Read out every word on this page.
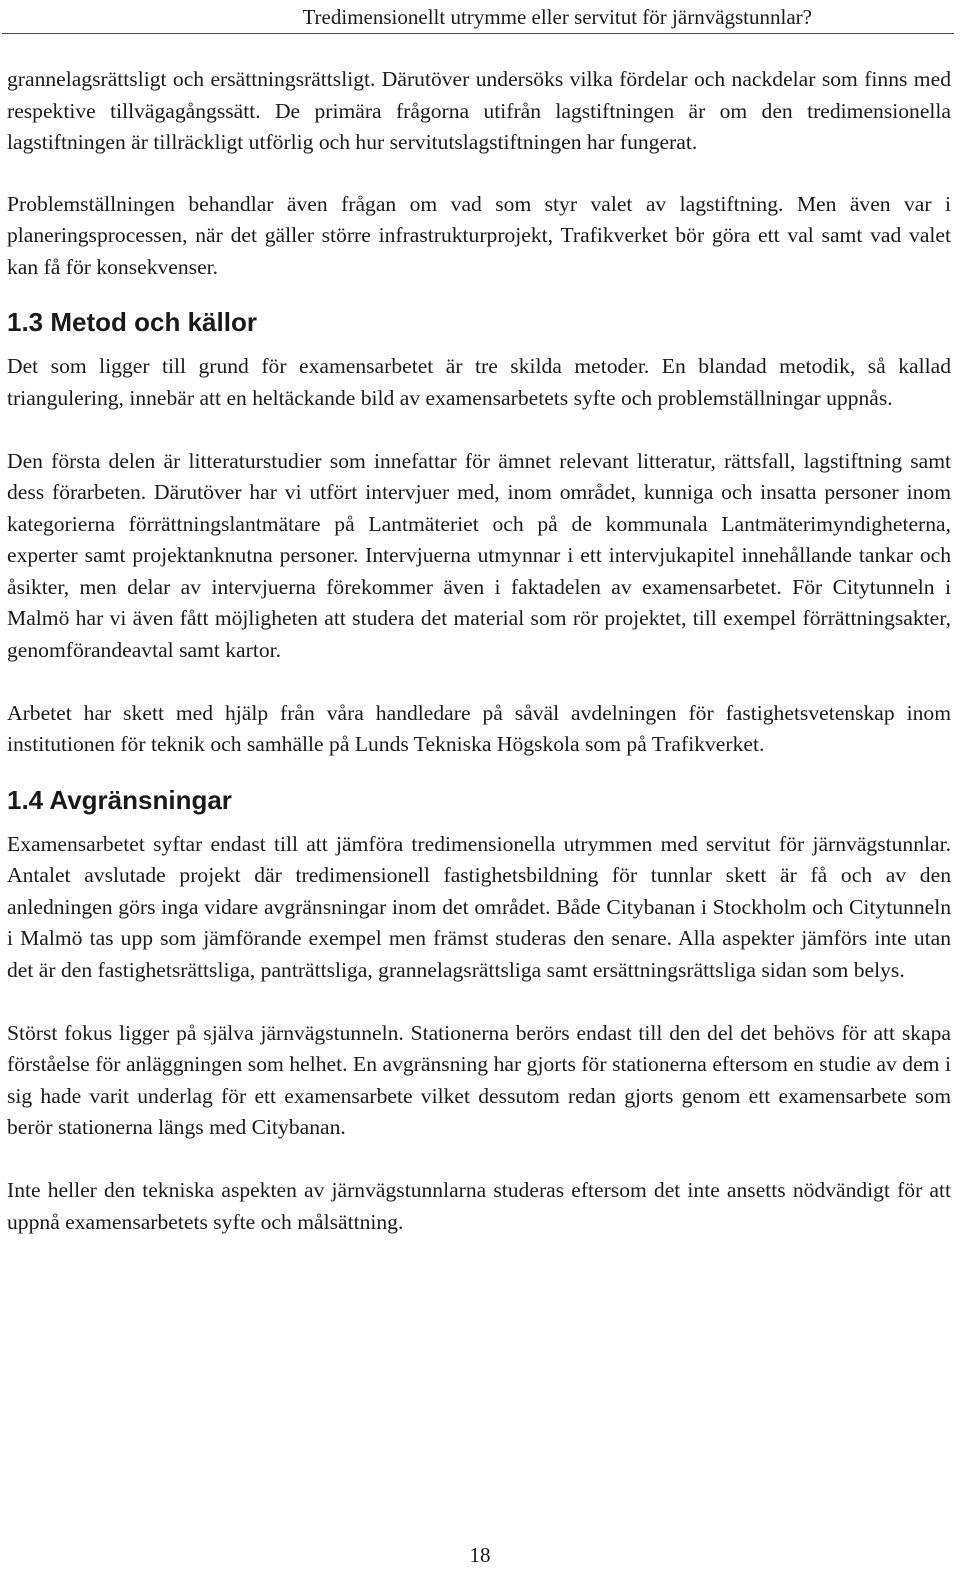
Tredimensionellt utrymme eller servitut för järnvägstunnlar?

grannelagsrättsligt och ersättningsrättsligt. Därutöver undersöks vilka fördelar och nackdelar som finns med respektive tillvägagångssätt. De primära frågorna utifrån lagstiftningen är om den tredimensionella lagstiftningen är tillräckligt utförlig och hur servitutslagstiftningen har fungerat.

Problemställningen behandlar även frågan om vad som styr valet av lagstiftning. Men även var i planeringsprocessen, när det gäller större infrastrukturprojekt, Trafikverket bör göra ett val samt vad valet kan få för konsekvenser.

1.3 Metod och källor

Det som ligger till grund för examensarbetet är tre skilda metoder. En blandad metodik, så kallad triangulering, innebär att en heltäckande bild av examensarbetets syfte och problemställningar uppnås.

Den första delen är litteraturstudier som innefattar för ämnet relevant litteratur, rättsfall, lagstiftning samt dess förarbeten. Därutöver har vi utfört intervjuer med, inom området, kunniga och insatta personer inom kategorierna förrättningslantmätare på Lantmäteriet och på de kommunala Lantmäterimyndigheterna, experter samt projektanknutna personer. Intervjuerna utmynnar i ett intervjukapitel innehållande tankar och åsikter, men delar av intervjuerna förekommer även i faktadelen av examensarbetet. För Citytunneln i Malmö har vi även fått möjligheten att studera det material som rör projektet, till exempel förrättningsakter, genomförandeavtal samt kartor.

Arbetet har skett med hjälp från våra handledare på såväl avdelningen för fastighetsvetenskap inom institutionen för teknik och samhälle på Lunds Tekniska Högskola som på Trafikverket.

1.4 Avgränsningar

Examensarbetet syftar endast till att jämföra tredimensionella utrymmen med servitut för järnvägstunnlar. Antalet avslutade projekt där tredimensionell fastighetsbildning för tunnlar skett är få och av den anledningen görs inga vidare avgränsningar inom det området. Både Citybanan i Stockholm och Citytunneln i Malmö tas upp som jämförande exempel men främst studeras den senare. Alla aspekter jämförs inte utan det är den fastighetsrättsliga, panträttsliga, grannelagsrättsliga samt ersättningsrättsliga sidan som belys.

Störst fokus ligger på själva järnvägstunneln. Stationerna berörs endast till den del det behövs för att skapa förståelse för anläggningen som helhet. En avgränsning har gjorts för stationerna eftersom en studie av dem i sig hade varit underlag för ett examensarbete vilket dessutom redan gjorts genom ett examensarbete som berör stationerna längs med Citybanan.

Inte heller den tekniska aspekten av järnvägstunnlarna studeras eftersom det inte ansetts nödvändigt för att uppnå examensarbetets syfte och målsättning.

18
